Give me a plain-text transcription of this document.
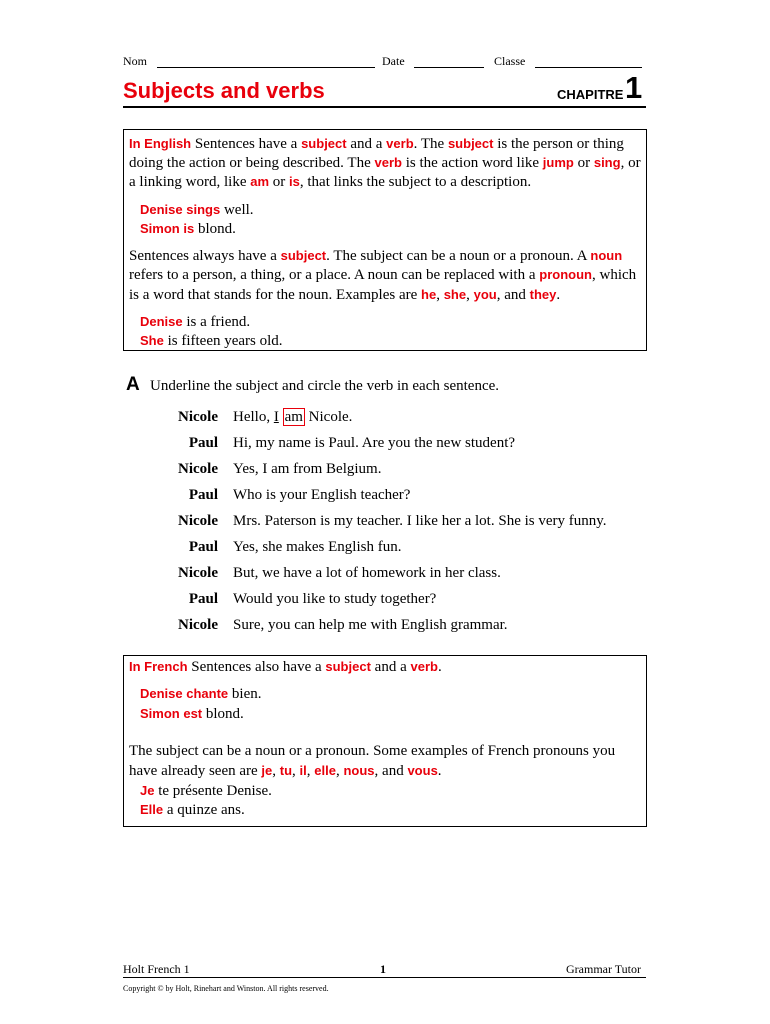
Nom	Date	Classe
Subjects and verbs	CHAPITRE 1
In English Sentences have a subject and a verb. The subject is the person or thing
doing the action or being described. The verb is the action word like jump or sing, or
a linking word, like am or is, that links the subject to a description.
Denise sings well.
Simon is blond.
Sentences always have a subject. The subject can be a noun or a pronoun. A noun
refers to a person, a thing, or a place. A noun can be replaced with a pronoun, which
is a word that stands for the noun. Examples are he, she, you, and they.
Denise is a friend.
She is fifteen years old.
A Underline the subject and circle the verb in each sentence.
Nicole Hello, I am Nicole.
Paul Hi, my name is Paul. Are you the new student?
Nicole Yes, I am from Belgium.
Paul Who is your English teacher?
Nicole Mrs. Paterson is my teacher. I like her a lot. She is very funny.
Paul Yes, she makes English fun.
Nicole But, we have a lot of homework in her class.
Paul Would you like to study together?
Nicole Sure, you can help me with English grammar.
In French Sentences also have a subject and a verb.
Denise chante bien.
Simon est blond.
The subject can be a noun or a pronoun. Some examples of French pronouns you
have already seen are je, tu, il, elle, nous, and vous.
Je te présente Denise.
Elle a quinze ans.
Holt French 1	1	Grammar Tutor
Copyright © by Holt, Rinehart and Winston. All rights reserved.
